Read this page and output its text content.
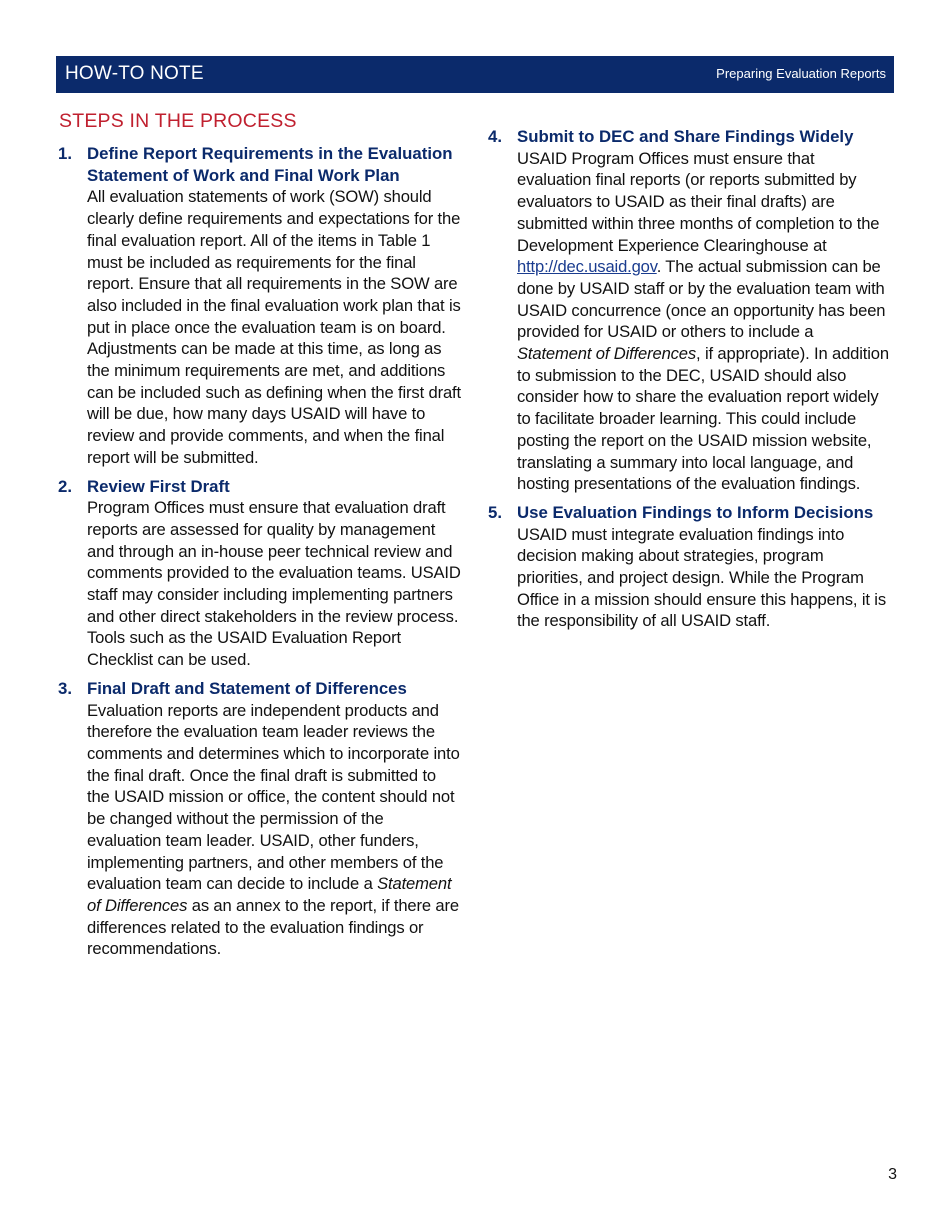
HOW-TO NOTE	Preparing Evaluation Reports
STEPS IN THE PROCESS
1. Define Report Requirements in the Evaluation Statement of Work and Final Work Plan
All evaluation statements of work (SOW) should clearly define requirements and expectations for the final evaluation report. All of the items in Table 1 must be included as requirements for the final report. Ensure that all requirements in the SOW are also included in the final evaluation work plan that is put in place once the evaluation team is on board. Adjustments can be made at this time, as long as the minimum requirements are met, and additions can be included such as defining when the first draft will be due, how many days USAID will have to review and provide comments, and when the final report will be submitted.
2. Review First Draft
Program Offices must ensure that evaluation draft reports are assessed for quality by management and through an in-house peer technical review and comments provided to the evaluation teams. USAID staff may consider including implementing partners and other direct stakeholders in the review process. Tools such as the USAID Evaluation Report Checklist can be used.
3. Final Draft and Statement of Differences
Evaluation reports are independent products and therefore the evaluation team leader reviews the comments and determines which to incorporate into the final draft. Once the final draft is submitted to the USAID mission or office, the content should not be changed without the permission of the evaluation team leader. USAID, other funders, implementing partners, and other members of the evaluation team can decide to include a Statement of Differences as an annex to the report, if there are differences related to the evaluation findings or recommendations.
4. Submit to DEC and Share Findings Widely
USAID Program Offices must ensure that evaluation final reports (or reports submitted by evaluators to USAID as their final drafts) are submitted within three months of completion to the Development Experience Clearinghouse at http://dec.usaid.gov. The actual submission can be done by USAID staff or by the evaluation team with USAID concurrence (once an opportunity has been provided for USAID or others to include a Statement of Differences, if appropriate). In addition to submission to the DEC, USAID should also consider how to share the evaluation report widely to facilitate broader learning. This could include posting the report on the USAID mission website, translating a summary into local language, and hosting presentations of the evaluation findings.
5. Use Evaluation Findings to Inform Decisions
USAID must integrate evaluation findings into decision making about strategies, program priorities, and project design. While the Program Office in a mission should ensure this happens, it is the responsibility of all USAID staff.
3
